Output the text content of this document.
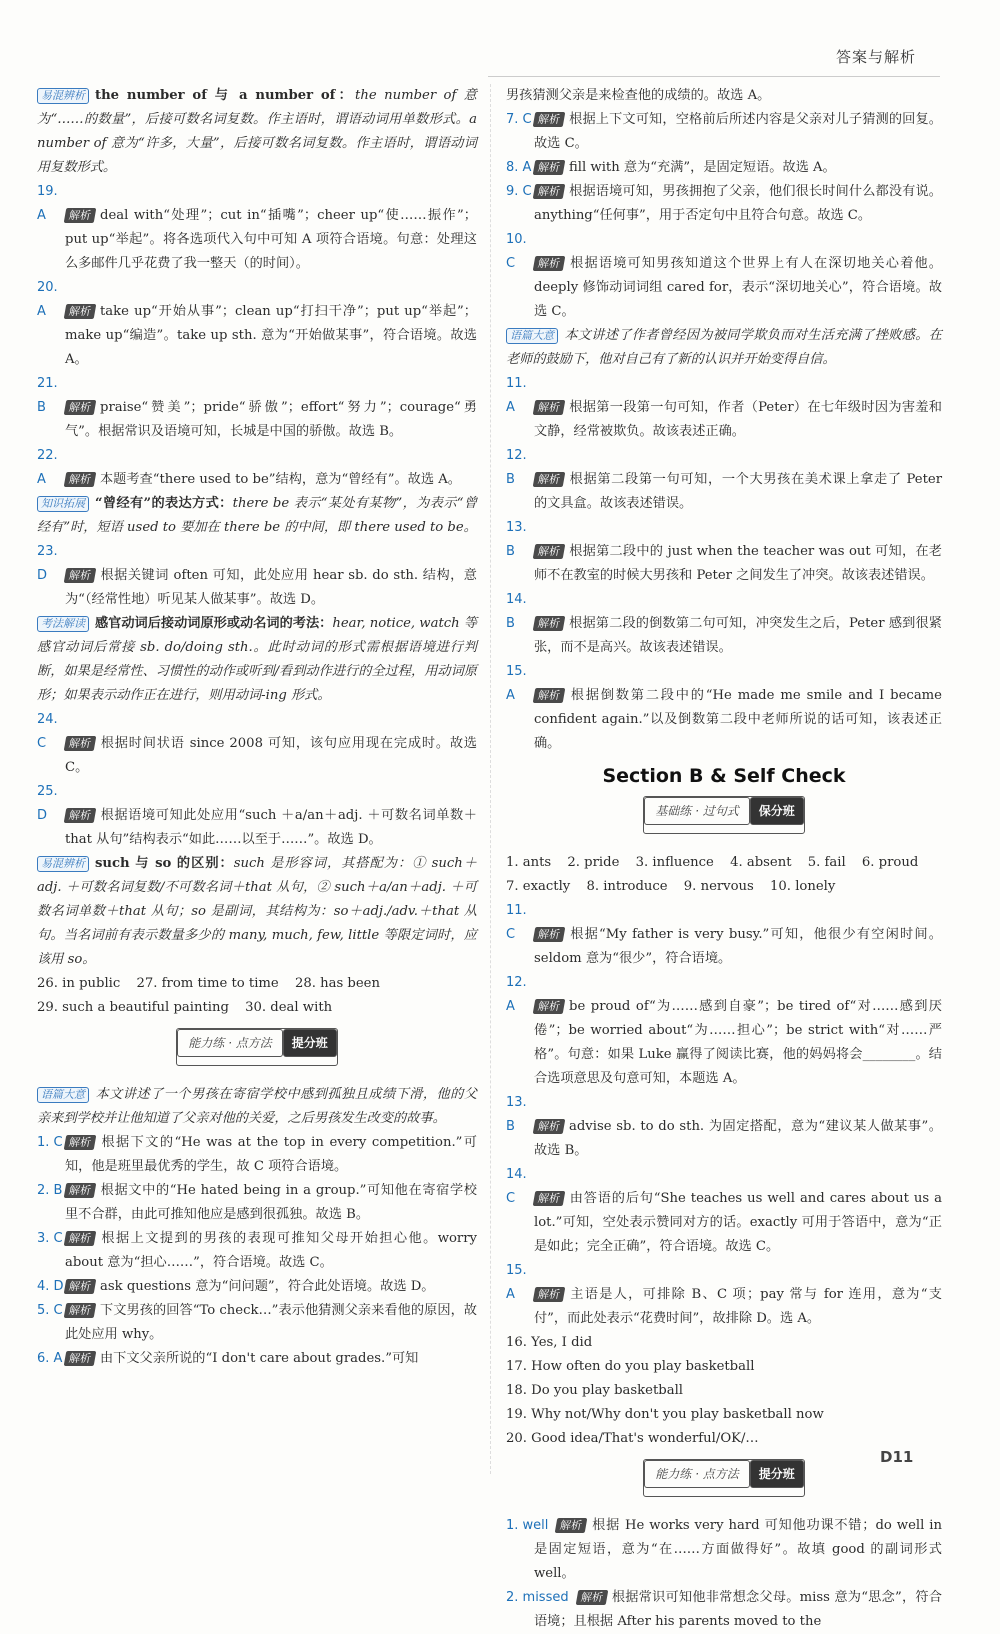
答案与解析

易混辨析 the number of 与 a number of：the number of 意为“……的数量”，后接可数名词复数。作主语时，谓语动词用单数形式。a number of 意为“许多，大量”，后接可数名词复数。作主语时，谓语动词用复数形式。

19. A 解析 deal with“处理”；cut in“插嘴”；cheer up“使……振作”；put up“举起”。将各选项代入句中可知 A 项符合语境。句意：处理这么多邮件几乎花费了我一整天（的时间）。

20. A 解析 take up“开始从事”；clean up“打扫干净”；put up“举起”；make up“编造”。take up sth. 意为“开始做某事”，符合语境。故选 A。

21. B 解析 praise“赞美”；pride“骄傲”；effort“努力”；courage“勇气”。根据常识及语境可知，长城是中国的骄傲。故选 B。

22. A 解析 本题考查“there used to be”结构，意为“曾经有”。故选 A。

知识拓展 “曾经有”的表达方式：there be 表示“某处有某物”，为表示“曾经有”时，短语 used to 要加在 there be 的中间，即 there used to be。

23. D 解析 根据关键词 often 可知，此处应用 hear sb. do sth. 结构，意为“（经常性地）听见某人做某事”。故选 D。

考法解读 感官动词后接动词原形或动名词的考法：hear, notice, watch 等感官动词后常接 sb. do/doing sth.。此时动词的形式需根据语境进行判断，如果是经常性、习惯性的动作或听到/看到动作进行的全过程，用动词原形；如果表示动作正在进行，则用动词-ing 形式。

24. C 解析 根据时间状语 since 2008 可知，该句应用现在完成时。故选 C。

25. D 解析 根据语境可知此处应用“such ＋a/an＋adj. ＋可数名词单数＋that 从句”结构表示“如此……以至于……”。故选 D。

易混辨析 such 与 so 的区别：such 是形容词，其搭配为：① such＋adj. ＋可数名词复数/不可数名词＋that 从句，② such＋a/an＋adj. ＋可数名词单数＋that 从句；so 是副词，其结构为：so＋adj./adv.＋that 从句。当名词前有表示数量多少的 many, much, few, little 等限定词时，应该用 so。

26. in public 27. from time to time 28. has been

29. such a beautiful painting 30. deal with

能力练 · 点方法 提分班

语篇大意 本文讲述了一个男孩在寄宿学校中感到孤独且成绩下滑，他的父亲来到学校并让他知道了父亲对他的关爱，之后男孩发生改变的故事。

1. C 解析 根据下文的“He was at the top in every competition.”可知，他是班里最优秀的学生，故 C 项符合语境。

2. B 解析 根据文中的“He hated being in a group.”可知他在寄宿学校里不合群，由此可推知他应是感到很孤独。故选 B。

3. C 解析 根据上文提到的男孩的表现可推知父母开始担心他。worry about 意为“担心……”，符合语境。故选 C。

4. D 解析 ask questions 意为“问问题”，符合此处语境。故选 D。

5. C 解析 下文男孩的回答“To check…”表示他猜测父亲来看他的原因，故此处应用 why。

6. A 解析 由下文父亲所说的“I don't care about grades.”可知

男孩猜测父亲是来检查他的成绩的。故选 A。

7. C 解析 根据上下文可知，空格前后所述内容是父亲对儿子猜测的回复。故选 C。

8. A 解析 fill with 意为“充满”，是固定短语。故选 A。

9. C 解析 根据语境可知，男孩拥抱了父亲，他们很长时间什么都没有说。anything“任何事”，用于否定句中且符合句意。故选 C。

10. C 解析 根据语境可知男孩知道这个世界上有人在深切地关心着他。deeply 修饰动词词组 cared for，表示“深切地关心”，符合语境。故选 C。

语篇大意 本文讲述了作者曾经因为被同学欺负而对生活充满了挫败感。在老师的鼓励下，他对自己有了新的认识并开始变得自信。

11. A 解析 根据第一段第一句可知，作者（Peter）在七年级时因为害羞和文静，经常被欺负。故该表述正确。

12. B 解析 根据第二段第一句可知，一个大男孩在美术课上拿走了 Peter 的文具盒。故该表述错误。

13. B 解析 根据第二段中的 just when the teacher was out 可知，在老师不在教室的时候大男孩和 Peter 之间发生了冲突。故该表述错误。

14. B 解析 根据第二段的倒数第二句可知，冲突发生之后，Peter 感到很紧张，而不是高兴。故该表述错误。

15. A 解析 根据倒数第二段中的“He made me smile and I became confident again.”以及倒数第二段中老师所说的话可知，该表述正确。

Section B & Self Check
基础练 · 过句式 保分班

1. ants 2. pride 3. influence 4. absent 5. fail 6. proud

7. exactly 8. introduce 9. nervous 10. lonely

11. C 解析 根据“My father is very busy.”可知，他很少有空闲时间。seldom 意为“很少”，符合语境。

12. A 解析 be proud of“为……感到自豪”；be tired of“对……感到厌倦”；be worried about“为……担心”；be strict with“对……严格”。句意：如果 Luke 赢得了阅读比赛，他的妈妈将会________。结合选项意思及句意可知，本题选 A。

13. B 解析 advise sb. to do sth. 为固定搭配，意为“建议某人做某事”。故选 B。

14. C 解析 由答语的后句“She teaches us well and cares about us a lot.”可知，空处表示赞同对方的话。exactly 可用于答语中，意为“正是如此；完全正确”，符合语境。故选 C。

15. A 解析 主语是人，可排除 B、C 项；pay 常与 for 连用，意为“支付”，而此处表示“花费时间”，故排除 D。选 A。

16. Yes, I did

17. How often do you play basketball

18. Do you play basketball

19. Why not/Why don't you play basketball now

20. Good idea/That's wonderful/OK/…

能力练 · 点方法 提分班

1. well 解析 根据 He works very hard 可知他功课不错；do well in 是固定短语，意为“在……方面做得好”。故填 good 的副词形式 well。

2. missed 解析 根据常识可知他非常想念父母。miss 意为“思念”，符合语境；且根据 After his parents moved to the

D11
